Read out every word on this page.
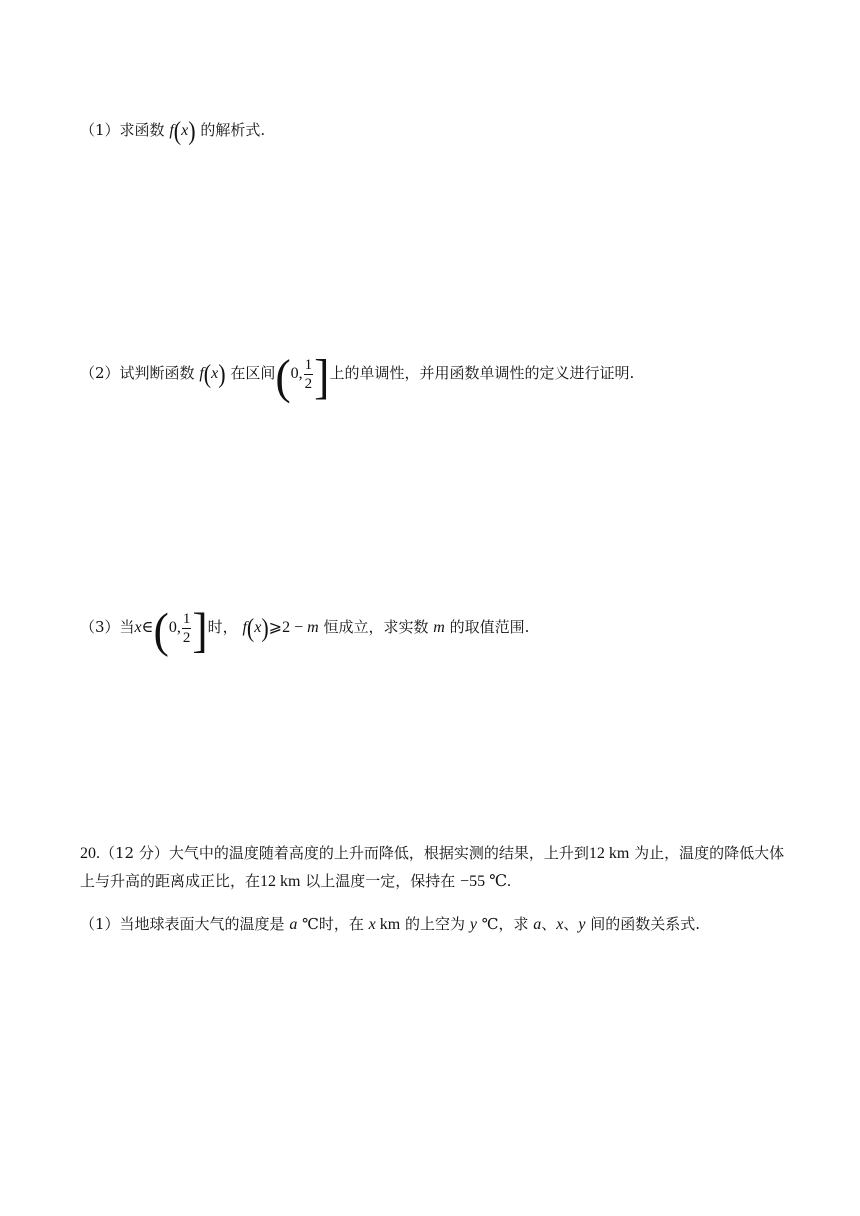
（1）求函数 f(x) 的解析式.
（2）试判断函数 f(x) 在区间(0, $\frac{1}{2}$ ]上的单调性，并用函数单调性的定义进行证明.
（3）当x∈(0, $\frac{1}{2}$ ]时， f(x)⩾2 − m 恒成立，求实数 m 的取值范围.
20.（12 分）大气中的温度随着高度的上升而降低，根据实测的结果，上升到12 km 为止，温度的降低大体
上与升高的距离成正比，在12 km 以上温度一定，保持在 −55 ℃.
（1）当地球表面大气的温度是 a ℃时，在 x km 的上空为 y ℃，求 a、x、y 间的函数关系式.
